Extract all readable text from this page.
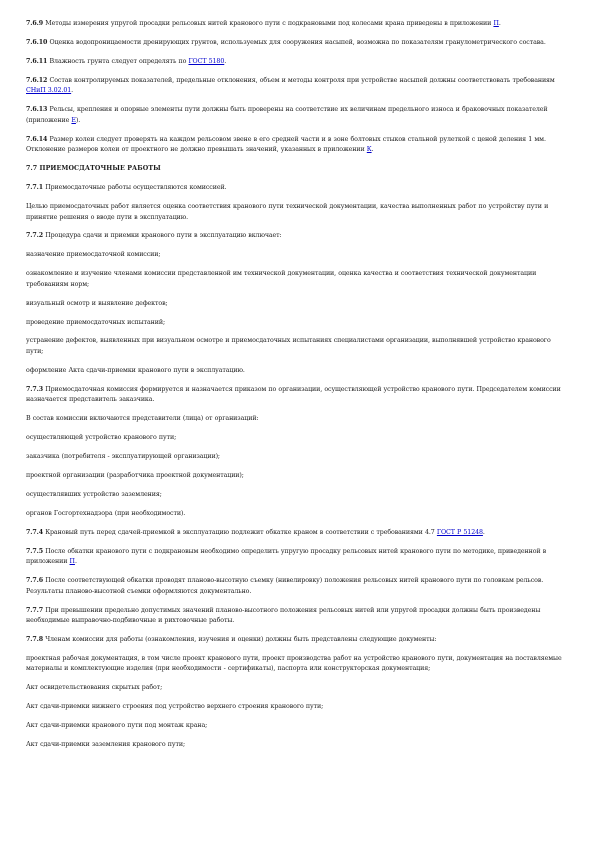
7.6.9 Методы измерения упругой просадки рельсовых нитей кранового пути с подкрановыми под колесами крана приведены в приложении П.
7.6.10 Оценка водопроницаемости дренирующих грунтов, используемых для сооружения насыпей, возможна по показателям гранулометрического состава.
7.6.11 Влажность грунта следует определять по ГОСТ 5180.
7.6.12 Состав контролируемых показателей, предельные отклонения, объем и методы контроля при устройстве насыпей должны соответствовать требованиям СНиП 3.02.01.
7.6.13 Рельсы, крепления и опорные элементы пути должны быть проверены на соответствие их величинам предельного износа и браковочных показателей (приложение Е).
7.6.14 Размер колеи следует проверять на каждом рельсовом звене в его средней части и в зоне болтовых стыков стальной рулеткой с ценой деления 1 мм. Отклонение размеров колеи от проектного не должно превышать значений, указанных в приложении К.
7.7 ПРИЕМОСДАТОЧНЫЕ РАБОТЫ
7.7.1 Приемосдаточные работы осуществляются комиссией.
Целью приемосдаточных работ является оценка соответствия кранового пути технической документации, качества выполненных работ по устройству пути и принятие решения о вводе пути в эксплуатацию.
7.7.2 Процедура сдачи и приемки кранового пути в эксплуатацию включает:
назначение приемосдаточной комиссии;
ознакомление и изучение членами комиссии представленной им технической документации, оценка качества и соответствия технической документации требованиям норм;
визуальный осмотр и выявление дефектов;
проведение приемосдаточных испытаний;
устранение дефектов, выявленных при визуальном осмотре и приемосдаточных испытаниях специалистами организации, выполнявшей устройство кранового пути;
оформление Акта сдачи-приемки кранового пути в эксплуатацию.
7.7.3 Приемосдаточная комиссия формируется и назначается приказом по организации, осуществляющей устройство кранового пути. Председателем комиссии назначается представитель заказчика.
В состав комиссии включаются представители (лица) от организаций:
осуществляющей устройство кранового пути;
заказчика (потребителя - эксплуатирующей организации);
проектной организации (разработчика проектной документации);
осуществлявших устройство заземления;
органов Госгортехнадзора (при необходимости).
7.7.4 Крановый путь перед сдачей-приемкой в эксплуатацию подлежит обкатке краном в соответствии с требованиями 4.7 ГОСТ Р 51248.
7.7.5 После обкатки кранового пути с подкрановым необходимо определить упругую просадку рельсовых нитей кранового пути по методике, приведенной в приложении П.
7.7.6 После соответствующей обкатки проводят планово-высотную съемку (нивелировку) положения рельсовых нитей кранового пути по головкам рельсов. Результаты планово-высотной съемки оформляются документально.
7.7.7 При превышении предельно допустимых значений планово-высотного положения рельсовых нитей или упругой просадки должны быть произведены необходимые выправочно-подбивочные и рихтовочные работы.
7.7.8 Членам комиссии для работы (ознакомления, изучения и оценки) должны быть представлены следующие документы:
проектная рабочая документация, в том числе проект кранового пути, проект производства работ на устройство кранового пути, документация на поставляемые материалы и комплектующие изделия (при необходимости - сертификаты), паспорта или конструкторская документация;
Акт освидетельствования скрытых работ;
Акт сдачи-приемки нижнего строения под устройство верхнего строения кранового пути;
Акт сдачи-приемки кранового пути под монтаж крана;
Акт сдачи-приемки заземления кранового пути;
